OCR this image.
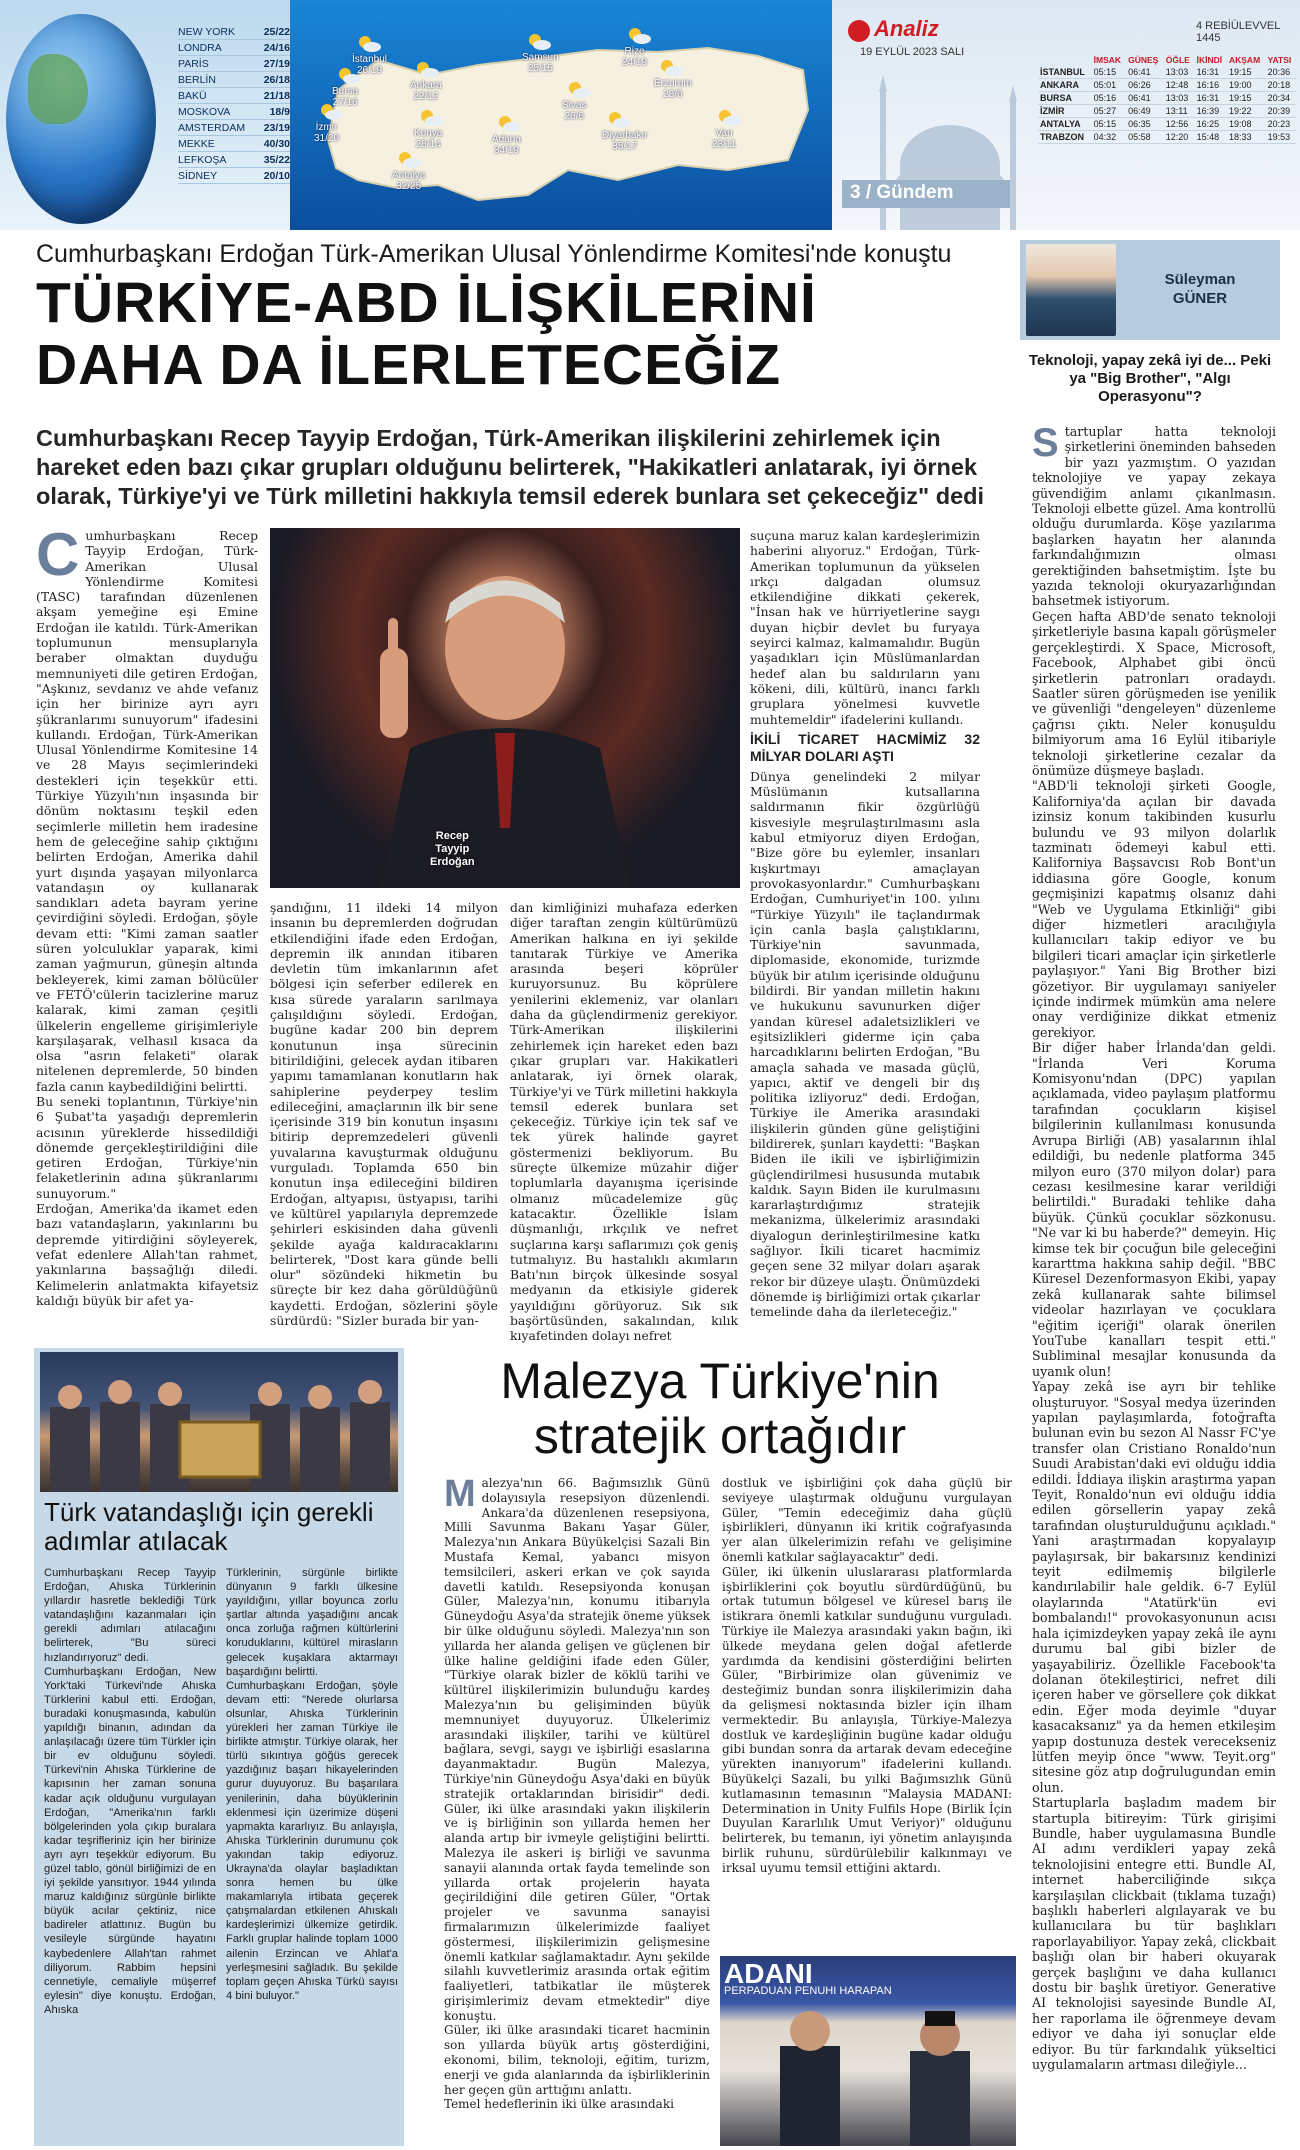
NEW YORK	25/22
LONDRA	24/16
PARİS	27/19
BERLİN	26/18
BAKÜ	21/18
MOSKOVA	18/9
AMSTERDAM 23/19
MEKKE	40/30
LEFKOŞA	35/22
SİDNEY	20/10
İstanbul
26/19
Bursa
27/16
Ankara
22/12
Samsun
25/15
Rize
24/19
Erzurum
23/6
İzmir
31/20
Sivas
26/6
Konya
25/14
Antalya
32/25
Adana
34/19
Diyarbakır
35/17
Van
23/11
Analiz
19 EYLÜL 2023 SALI
4 REBİÜLEVVEL 1445
	İMSAK	GÜNEŞ	ÖĞLE	İKİNDİ	AKŞAM	YATSI
İSTANBUL	05:15	06:41	13:03	16:31	19:15	20:36
ANKARA	05:01	06:26	12:48	16:16	19:00	20:18
BURSA	05:16	06:41	13:03	16:31	19:15	20:34
İZMİR	05:27	06:49	13:11	16:39	19:22	20:39
ANTALYA	05:15	06:35	12:56	16:25	19:08	20:23
TRABZON	04:32	05:58	12:20	15:48	18:33	19:53
3 / Gündem
Cumhurbaşkanı Erdoğan Türk-Amerikan Ulusal Yönlendirme Komitesi'nde konuştu
TÜRKİYE-ABD İLİŞKİLERİNİ
DAHA DA İLERLETECEĞİZ
Cumhurbaşkanı Recep Tayyip Erdoğan, Türk-Amerikan ilişkilerini zehirlemek için hareket eden bazı çıkar grupları olduğunu belirterek, "Hakikatleri anlatarak, iyi örnek olarak, Türkiye'yi ve Türk milletini hakkıyla temsil ederek bunlara set çekeceğiz" dedi
C umhurbaşkanı Recep Tayyip Erdoğan, Türk-Amerikan Ulusal Yönlendirme Komitesi (TASC) tarafından düzenlenen akşam yemeğine eşi Emine Erdoğan ile katıldı. Türk-Amerikan toplumunun mensuplarıyla beraber olmaktan duyduğu memnuniyeti dile getiren Erdoğan, "Aşkınız, sevdanız ve ahde vefanız için her birinize ayrı ayrı şükranlarımı sunuyorum" ifadesini kullandı. Erdoğan, Türk-Amerikan Ulusal Yönlendirme Komitesine 14 ve 28 Mayıs seçimlerindeki destekleri için teşekkür etti. Türkiye Yüzyılı'nın inşasında bir dönüm noktasını teşkil eden seçimlerle milletin hem iradesine hem de geleceğine sahip çıktığını belirten Erdoğan, Amerika dahil yurt dışında yaşayan milyonlarca vatandaşın oy kullanarak sandıkları adeta bayram yerine çevirdiğini söyledi. Erdoğan, şöyle devam etti: "Kimi zaman saatler süren yolculuklar yaparak, kimi zaman yağmurun, güneşin altında bekleyerek, kimi zaman bölücüler ve FETÖ'cülerin tacizlerine maruz kalarak, kimi zaman çeşitli ülkelerin engelleme girişimleriyle karşılaşarak, velhasıl kısaca da olsa "asrın felaketi" olarak nitelenen depremlerde, 50 binden fazla canın kaybedildiğini belirtti.
Bu seneki toplantının, Türkiye'nin 6 Şubat'ta yaşadığı depremlerin acısının yüreklerde hissedildiği dönemde gerçekleştirildiğini dile getiren Erdoğan, Türkiye'nin felaketlerinin adına şükranlarımı sunuyorum."
Erdoğan, Amerika'da ikamet eden bazı vatandaşların, yakınlarını bu depremde yitirdiğini söyleyerek, vefat edenlere Allah'tan rahmet, yakınlarına başsağlığı diledi. Kelimelerin anlatmakta kifayetsiz kaldığı büyük bir afet ya-
Recep
Tayyip
Erdoğan
şandığını, 11 ildeki 14 milyon insanın bu depremlerden doğrudan etkilendiğini ifade eden Erdoğan, depremin ilk anından itibaren devletin tüm imkanlarının afet bölgesi için seferber edilerek en kısa sürede yaraların sarılmaya çalışıldığını söyledi. Erdoğan, bugüne kadar 200 bin deprem konutunun inşa sürecinin bitirildiğini, gelecek aydan itibaren yapımı tamamlanan konutların hak sahiplerine peyderpey teslim edileceğini, amaçlarının ilk bir sene içerisinde 319 bin konutun inşasını bitirip depremzedeleri güvenli yuvalarına kavuşturmak olduğunu vurguladı. Toplamda 650 bin konutun inşa edileceğini bildiren Erdoğan, altyapısı, üstyapısı, tarihi ve kültürel yapılarıyla depremzede şehirleri eskisinden daha güvenli şekilde ayağa kaldıracaklarını belirterek, "Dost kara günde belli olur" sözündeki hikmetin bu süreçte bir kez daha görüldüğünü kaydetti. Erdoğan, sözlerini şöyle sürdürdü: "Sizler burada bir yan-
dan kimliğinizi muhafaza ederken diğer taraftan zengin kültürümüzü Amerikan halkına en iyi şekilde tanıtarak Türkiye ve Amerika arasında beşeri köprüler kuruyorsunuz. Bu köprülere yenilerini eklemeniz, var olanları daha da güçlendirmeniz gerekiyor. Türk-Amerikan ilişkilerini zehirlemek için hareket eden bazı çıkar grupları var. Hakikatleri anlatarak, iyi örnek olarak, Türkiye'yi ve Türk milletini hakkıyla temsil ederek bunlara set çekeceğiz. Türkiye için tek saf ve tek yürek halinde gayret göstermenizi bekliyorum. Bu süreçte ülkemize müzahir diğer toplumlarla dayanışma içerisinde olmanız mücadelemize güç katacaktır. Özellikle İslam düşmanlığı, ırkçılık ve nefret suçlarına karşı saflarımızı çok geniş tutmalıyız. Bu hastalıklı akımların Batı'nın birçok ülkesinde sosyal medyanın da etkisiyle giderek yayıldığını görüyoruz. Sık sık başörtüsünden, sakalından, kılık kıyafetinden dolayı nefret
suçuna maruz kalan kardeşlerimizin haberini alıyoruz." Erdoğan, Türk-Amerikan toplumunun da yükselen ırkçı dalgadan olumsuz etkilendiğine dikkati çekerek, "İnsan hak ve hürriyetlerine saygı duyan hiçbir devlet bu furyaya seyirci kalmaz, kalmamalıdır. Bugün yaşadıkları için Müslümanlardan hedef alan bu saldırıların yanı kökeni, dili, kültürü, inancı farklı gruplara yönelmesi kuvvetle muhtemeldir" ifadelerini kullandı.
İKİLİ TİCARET HACMİMİZ 32 MİLYAR DOLARI AŞTI
Dünya genelindeki 2 milyar Müslümanın kutsallarına saldırmanın fikir özgürlüğü kisvesiyle meşrulaştırılmasını asla kabul etmiyoruz diyen Erdoğan, "Bize göre bu eylemler, insanları kışkırtmayı amaçlayan provokasyonlardır." Cumhurbaşkanı Erdoğan, Cumhuriyet'in 100. yılını "Türkiye Yüzyılı" ile taçlandırmak için canla başla çalıştıklarını, Türkiye'nin savunmada, diplomaside, ekonomide, turizmde büyük bir atılım içerisinde olduğunu bildirdi. Bir yandan milletin hakını ve hukukunu savunurken diğer yandan küresel adaletsizlikleri ve eşitsizlikleri giderme için çaba harcadıklarını belirten Erdoğan, "Bu amaçla sahada ve masada güçlü, yapıcı, aktif ve dengeli bir dış politika izliyoruz" dedi. Erdoğan, Türkiye ile Amerika arasındaki ilişkilerin günden güne geliştiğini bildirerek, şunları kaydetti: "Başkan Biden ile ikili ve işbirliğimizin güçlendirilmesi hususunda mutabık kaldık. Sayın Biden ile kurulmasını kararlaştırdığımız stratejik mekanizma, ülkelerimiz arasındaki diyalogun derinleştirilmesine katkı sağlıyor. İkili ticaret hacmimiz geçen sene 32 milyar doları aşarak rekor bir düzeye ulaştı. Önümüzdeki dönemde iş birliğimizi ortak çıkarlar temelinde daha da ilerleteceğiz."
Süleyman
GÜNER
Teknoloji, yapay zekâ iyi de... Peki ya "Big Brother", "Algı Operasyonu"?
S tartuplar hatta teknoloji şirketlerini öneminden bahseden bir yazı yazmıştım. O yazıdan teknolojiye ve yapay zekaya güvendiğim anlamı çıkanlmasın. Teknoloji elbette güzel. Ama kontrollü olduğu durumlarda. Köşe yazılarıma başlarken hayatın her alanında farkındalığımızın olması gerektiğinden bahsetmiştim. İşte bu yazıda teknoloji okuryazarlığından bahsetmek istiyorum.
Geçen hafta ABD'de senato teknoloji şirketleriyle basına kapalı görüşmeler gerçekleştirdi. X Space, Microsoft, Facebook, Alphabet gibi öncü şirketlerin patronları oradaydı. Saatler süren görüşmeden ise yenilik ve güvenliği "dengeleyen" düzenleme çağrısı çıktı. Neler konuşuldu bilmiyorum ama 16 Eylül itibariyle teknoloji şirketlerine cezalar da önümüze düşmeye başladı.
"ABD'li teknoloji şirketi Google, Kaliforniya'da açılan bir davada izinsiz konum takibinden kusurlu bulundu ve 93 milyon dolarlık tazminatı ödemeyi kabul etti. Kaliforniya Başsavcısı Rob Bont'un iddiasına göre Google, konum geçmişinizi kapatmış olsanız dahi "Web ve Uygulama Etkinliği" gibi diğer hizmetleri aracılığıyla kullanıcıları takip ediyor ve bu bilgileri ticari amaçlar için şirketlerle paylaşıyor." Yani Big Brother bizi gözetiyor. Bir uygulamayı saniyeler içinde indirmek mümkün ama nelere onay verdiğinize dikkat etmeniz gerekiyor.
Bir diğer haber İrlanda'dan geldi. "İrlanda Veri Koruma Komisyonu'ndan (DPC) yapılan açıklamada, video paylaşım platformu tarafından çocukların kişisel bilgilerinin kullanılması konusunda Avrupa Birliği (AB) yasalarının ihlal edildiği, bu nedenle platforma 345 milyon euro (370 milyon dolar) para cezası kesilmesine karar verildiği belirtildi." Buradaki tehlike daha büyük. Çünkü çocuklar sözkonusu. "Ne var ki bu haberde?" demeyin. Hiç kimse tek bir çocuğun bile geleceğini kararttma hakkına sahip değil. "BBC Küresel Dezenformasyon Ekibi, yapay zekâ kullanarak sahte bilimsel videolar hazırlayan ve çocuklara "eğitim içeriği" olarak önerilen YouTube kanalları tespit etti." Subliminal mesajlar konusunda da uyanık olun!
Yapay zekâ ise ayrı bir tehlike oluşturuyor. "Sosyal medya üzerinden yapılan paylaşımlarda, fotoğrafta bulunan evin bu sezon Al Nassr FC'ye transfer olan Cristiano Ronaldo'nun Suudi Arabistan'daki evi olduğu iddia edildi. İddiaya ilişkin araştırma yapan Teyit, Ronaldo'nun evi olduğu iddia edilen görsellerin yapay zekâ tarafından oluşturulduğunu açıkladı." Yani araştırmadan kopyalayıp paylaşırsak, bir bakarsınız kendinizi teyit edilmemiş bilgilerle kandırılabilir hale geldik. 6-7 Eylül olaylarında "Atatürk'ün evi bombalandı!" provokasyonunun acısı hala içimizdeyken yapay zekâ ile aynı durumu bal gibi bizler de yaşayabiliriz. Özellikle Facebook'ta dolanan ötekileştirici, nefret dili içeren haber ve görsellere çok dikkat edin. Eğer moda deyimle "duyar kasacaksanız" ya da hemen etkileşim yapıp dostunuza destek verecekseniz lütfen meyip önce "www. Teyit.org" sitesine göz atıp doğrulugundan emin olun.
Startuplarla başladım madem bir startupla bitireyim: Türk girişimi Bundle, haber uygulamasına Bundle AI adını verdikleri yapay zekâ teknolojisini entegre etti. Bundle AI, internet haberciliğinde sıkça karşılaşılan clickbait (tıklama tuzağı) başlıklı haberleri algılayarak ve bu kullanıcılara bu tür başlıkları raporlayabiliyor. Yapay zekâ, clickbait başlığı olan bir haberi okuyarak gerçek başlığını ve daha kullanıcı dostu bir başlık üretiyor. Generative AI teknolojisi sayesinde Bundle AI, her raporlama ile öğrenmeye devam ediyor ve daha iyi sonuçlar elde ediyor. Bu tür farkındalık yükseltici uygulamaların artması dileğiyle...
Türk vatandaşlığı için gerekli adımlar atılacak
Cumhurbaşkanı Recep Tayyip Erdoğan, Ahıska Türklerinin yıllardır hasretle beklediği Türk vatandaşlığını kazanmaları için gerekli adımları atılacağını belirterek, "Bu süreci hızlandırıyoruz" dedi.
Cumhurbaşkanı Erdoğan, New York'taki Türkevi'nde Ahıska Türklerini kabul etti. Erdoğan, buradaki konuşmasında, kabulün yapıldığı binanın, adından da anlaşılacağı üzere tüm Türkler için bir ev olduğunu söyledi. Türkevi'nin Ahıska Türklerine de kapısının her zaman sonuna kadar açık olduğunu vurgulayan Erdoğan, "Amerika'nın farklı bölgelerinden yola çıkıp buralara kadar teşrifleriniz için her birinize ayrı ayrı teşekkür ediyorum. Bu güzel tablo, gönül birliğimizi de en iyi şekilde yansıtıyor. 1944 yılında maruz kaldığınız sürgünle birlikte büyük acılar çektiniz, nice badireler atlattınız. Bugün bu vesileyle sürgünde hayatını kaybedenlere Allah'tan rahmet diliyorum. Rabbim hepsini cennetiyle, cemaliyle müşerref eylesin" diye konuştu. Erdoğan, Ahıska
Türklerinin, sürgünle birlikte dünyanın 9 farklı ülkesine yayıldığını, yıllar boyunca zorlu şartlar altında yaşadığını ancak onca zorluğa rağmen kültürlerini koruduklarını, kültürel mirasların gelecek kuşaklara aktarmayı başardığını belirtti.
Cumhurbaşkanı Erdoğan, şöyle devam etti: "Nerede olurlarsa olsunlar, Ahıska Türklerinin yürekleri her zaman Türkiye ile birlikte atmıştır. Türkiye olarak, her türlü sıkıntıya göğüs gerecek yazdığınız başarı hikayelerinden gurur duyuyoruz. Bu başarılara yenilerinin, daha büyüklerinin eklenmesi için üzerimize düşeni yapmakta kararlıyız. Bu anlayışla, Ahıska Türklerinin durumunu çok yakından takip ediyoruz. Ukrayna'da olaylar başladıktan sonra hemen bu ülke makamlarıyla irtibata geçerek çatışmalardan etkilenen Ahıskalı kardeşlerimizi ülkemize getirdik. Farklı gruplar halinde toplam 1000 ailenin Erzincan ve Ahlat'a yerleşmesini sağladık. Bu şekilde toplam geçen Ahıska Türkü sayısı 4 bini buluyor."
Malezya Türkiye'nin
stratejik ortağıdır
M alezya'nın 66. Bağımsızlık Günü dolayısıyla resepsiyon düzenlendi. Ankara'da düzenlenen resepsiyona, Milli Savunma Bakanı Yaşar Güler, Malezya'nın Ankara Büyükelçisi Sazali Bin Mustafa Kemal, yabancı misyon temsilcileri, askeri erkan ve çok sayıda davetli katıldı. Resepsiyonda konuşan Güler, Malezya'nın, konumu itibarıyla Güneydoğu Asya'da stratejik öneme yüksek bir ülke olduğunu söyledi. Malezya'nın son yıllarda her alanda gelişen ve güçlenen bir ülke haline geldiğini ifade eden Güler, "Türkiye olarak bizler de köklü tarihi ve kültürel ilişkilerimizin bulunduğu kardeş Malezya'nın bu gelişiminden büyük memnuniyet duyuyoruz. Ülkelerimiz arasındaki ilişkiler, tarihi ve kültürel bağlara, sevgi, saygı ve işbirliği esaslarına dayanmaktadır. Bugün Malezya, Türkiye'nin Güneydoğu Asya'daki en büyük stratejik ortaklarından birisidir" dedi. Güler, iki ülke arasındaki yakın ilişkilerin ve iş birliğinin son yıllarda hemen her alanda artıp bir ivmeyle geliştiğini belirtti. Malezya ile askeri iş birliği ve savunma sanayii alanında ortak fayda temelinde son yıllarda ortak projelerin hayata geçirildiğini dile getiren Güler, "Ortak projeler ve savunma sanayisi firmalarımızın ülkelerimizde faaliyet göstermesi, ilişkilerimizin gelişmesine önemli katkılar sağlamaktadır. Aynı şekilde silahlı kuvvetlerimiz arasında ortak eğitim faaliyetleri, tatbikatlar ile müşterek girişimlerimiz devam etmektedir" diye konuştu.
Güler, iki ülke arasındaki ticaret hacminin son yıllarda büyük artış gösterdiğini, ekonomi, bilim, teknoloji, eğitim, turizm, enerji ve gıda alanlarında da işbirliklerinin her geçen gün arttığını anlattı.
Temel hedeflerinin iki ülke arasındaki
dostluk ve işbirliğini çok daha güçlü bir seviyeye ulaştırmak olduğunu vurgulayan Güler, "Temin edeceğimiz daha güçlü işbirlikleri, dünyanın iki kritik coğrafyasında yer alan ülkelerimizin refahı ve gelişimine önemli katkılar sağlayacaktır" dedi.
Güler, iki ülkenin uluslararası platformlarda işbirliklerini çok boyutlu sürdürdüğünü, bu ortak tutumun bölgesel ve küresel barış ile istikrara önemli katkılar sunduğunu vurguladı. Türkiye ile Malezya arasındaki yakın bağın, iki ülkede meydana gelen doğal afetlerde yardımda da kendisini gösterdiğini belirten Güler, "Birbirimize olan güvenimiz ve desteğimiz bundan sonra ilişkilerimizin daha da gelişmesi noktasında bizler için ilham vermektedir. Bu anlayışla, Türkiye-Malezya dostluk ve kardeşliğinin bugüne kadar olduğu gibi bundan sonra da artarak devam edeceğine yürekten inanıyorum" ifadelerini kullandı. Büyükelçi Sazali, bu yılki Bağımsızlık Günü kutlamasının temasının "Malaysia MADANI: Determination in Unity Fulfils Hope (Birlik İçin Duyulan Kararlılık Umut Veriyor)" olduğunu belirterek, bu temanın, iyi yönetim anlayışında birlik ruhunu, sürdürülebilir kalkınmayı ve irksal uyumu temsil ettiğini aktardı.
ADANI
PERPADUAN PENUHI HARAPAN
